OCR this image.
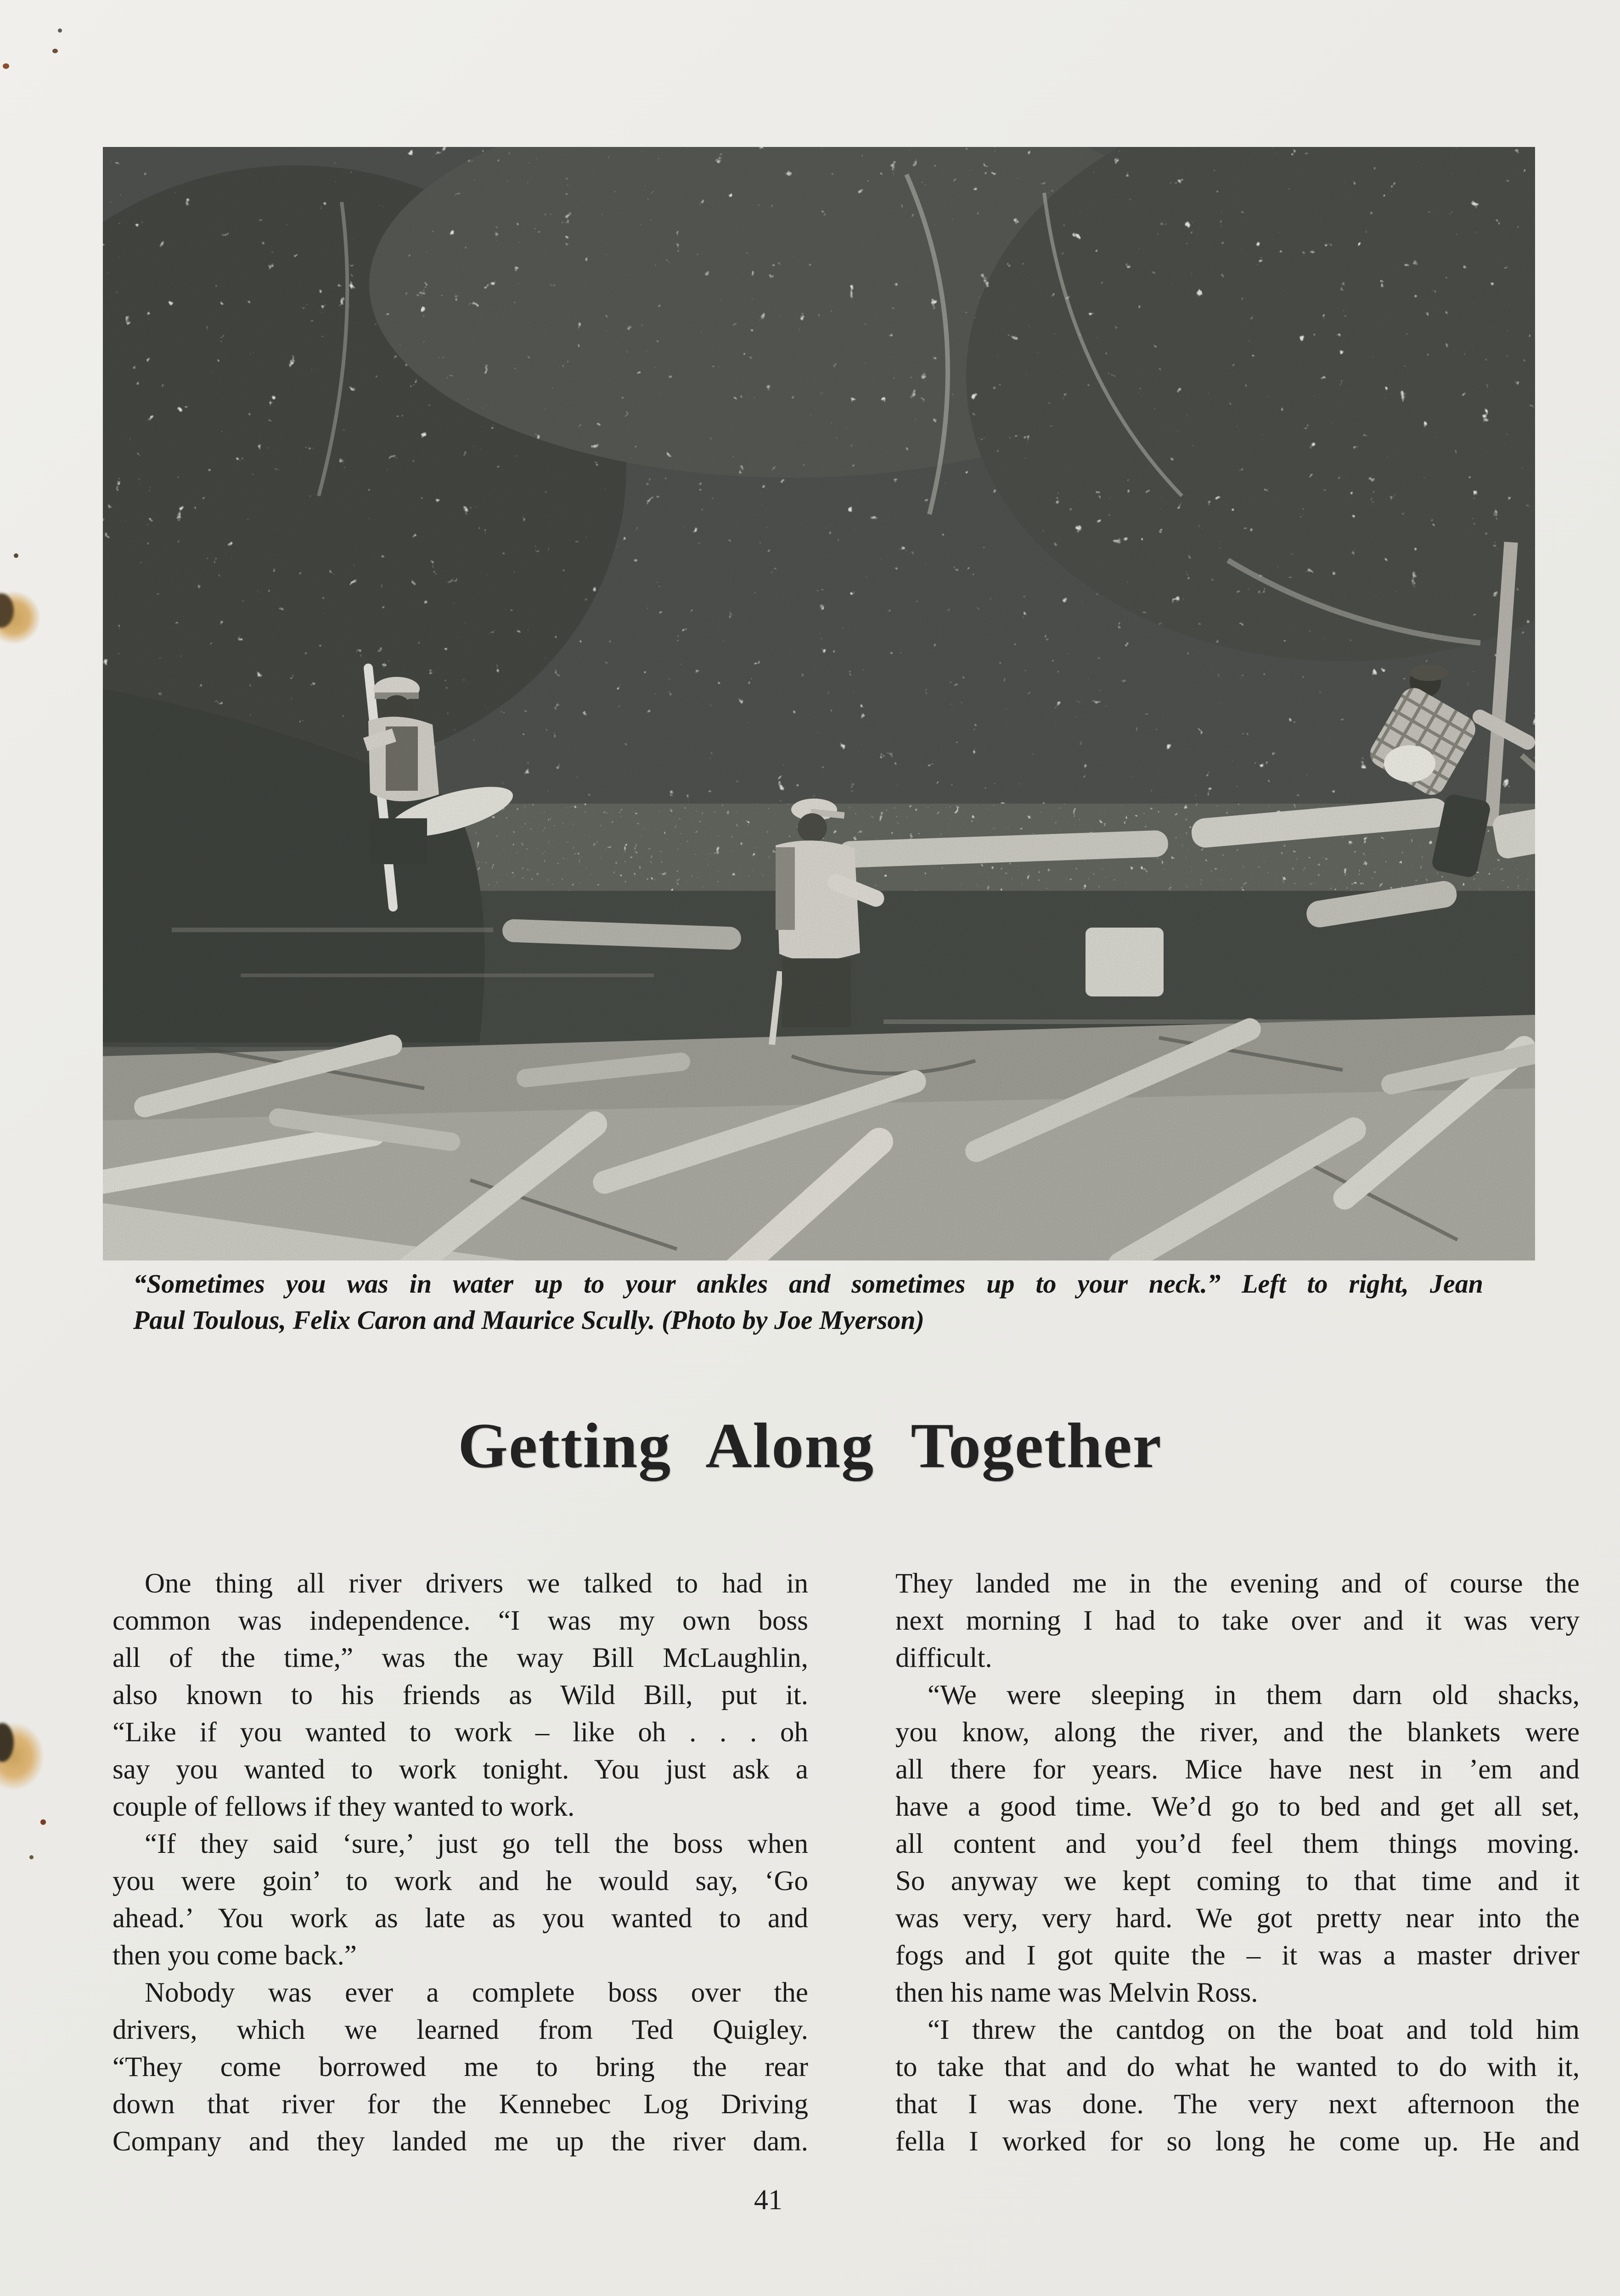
“Sometimes you was in water up to your ankles and sometimes up to your neck.” Left to right, Jean
Paul Toulous, Felix Caron and Maurice Scully. (Photo by Joe Myerson)
Getting Along Together
One thing all river drivers we talked to had in
common was independence. “I was my own boss
all of the time,” was the way Bill McLaughlin,
also known to his friends as Wild Bill, put it.
“Like if you wanted to work – like oh . . . oh
say you wanted to work tonight. You just ask a
couple of fellows if they wanted to work.
“If they said ‘sure,’ just go tell the boss when
you were goin’ to work and he would say, ‘Go
ahead.’ You work as late as you wanted to and
then you come back.”
Nobody was ever a complete boss over the
drivers, which we learned from Ted Quigley.
“They come borrowed me to bring the rear
down that river for the Kennebec Log Driving
Company and they landed me up the river dam.
They landed me in the evening and of course the
next morning I had to take over and it was very
difficult.
“We were sleeping in them darn old shacks,
you know, along the river, and the blankets were
all there for years. Mice have nest in ’em and
have a good time. We’d go to bed and get all set,
all content and you’d feel them things moving.
So anyway we kept coming to that time and it
was very, very hard. We got pretty near into the
fogs and I got quite the – it was a master driver
then his name was Melvin Ross.
“I threw the cantdog on the boat and told him
to take that and do what he wanted to do with it,
that I was done. The very next afternoon the
fella I worked for so long he come up. He and
41
